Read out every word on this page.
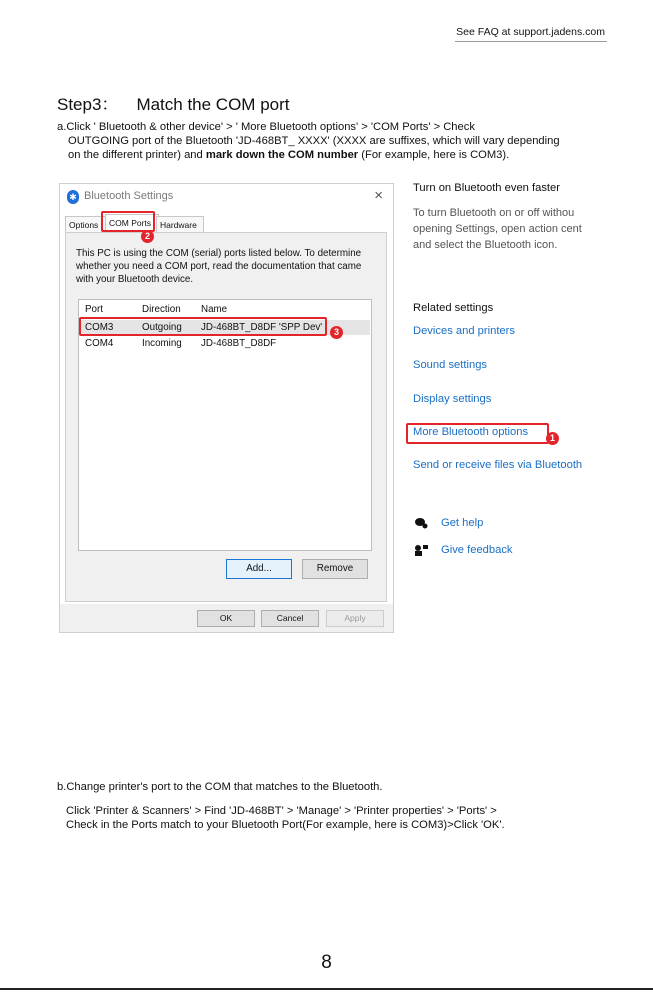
See FAQ at support.jadens.com
Step3： Match the COM port
a.Click ' Bluetooth & other device' > ' More Bluetooth options' > 'COM Ports' > Check
OUTGOING port of the Bluetooth 'JD-468BT_ XXXX' (XXXX are suffixes, which will vary depending
on the different printer) and mark down the COM number (For example, here is COM3).
✱ Bluetooth Settings	×
Options	COM Ports	Hardware
This PC is using the COM (serial) ports listed below. To determine whether you need a COM port, read the documentation that came with your Bluetooth device.
Port	Direction Name
COM3	Outgoing JD-468BT_D8DF 'SPP Dev'
COM4	Incoming JD-468BT_D8DF
Add...	Remove
OK	Cancel	Apply
2
3
1
Turn on Bluetooth even faster
To turn Bluetooth on or off withou
opening Settings, open action cent
and select the Bluetooth icon.
Related settings
Devices and printers
Sound settings
Display settings
More Bluetooth options
Send or receive files via Bluetooth
Get help
Give feedback
b.Change printer's port to the COM that matches to the Bluetooth.
Click 'Printer & Scanners' > Find 'JD-468BT' > 'Manage' > 'Printer properties' > 'Ports' >
Check in the Ports match to your Bluetooth Port(For example, here is COM3)>Click 'OK'.
8
